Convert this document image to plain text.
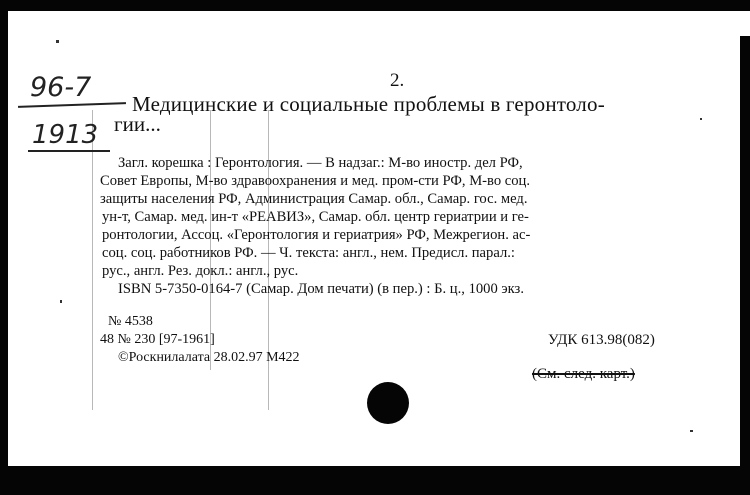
96-7
1913
2.
Медицинские и социальные проблемы в геронтоло-
гии...
Загл. корешка : Геронтология. — В надзаг.: М-во иностр. дел РФ,
Совет Европы, М-во здравоохранения и мед. пром-сти РФ, М-во соц.
защиты населения РФ, Администрация Самар. обл., Самар. гос. мед.
ун-т, Самар. мед. ин-т «РЕАВИЗ», Самар. обл. центр гериатрии и ге-
ронтологии, Ассоц. «Геронтология и гериатрия» РФ, Межрегион. ас-
соц. соц. работников РФ. — Ч. текста: англ., нем. Предисл. парал.:
рус., англ. Рез. докл.: англ., рус.
ISBN 5-7350-0164-7 (Самар. Дом печати) (в пер.) : Б. ц., 1000 экз.
№ 4538
48 № 230 [97-1961]
©Роскнилалата 28.02.97 М422
УДК 613.98(082)
(См. след. карт.)
